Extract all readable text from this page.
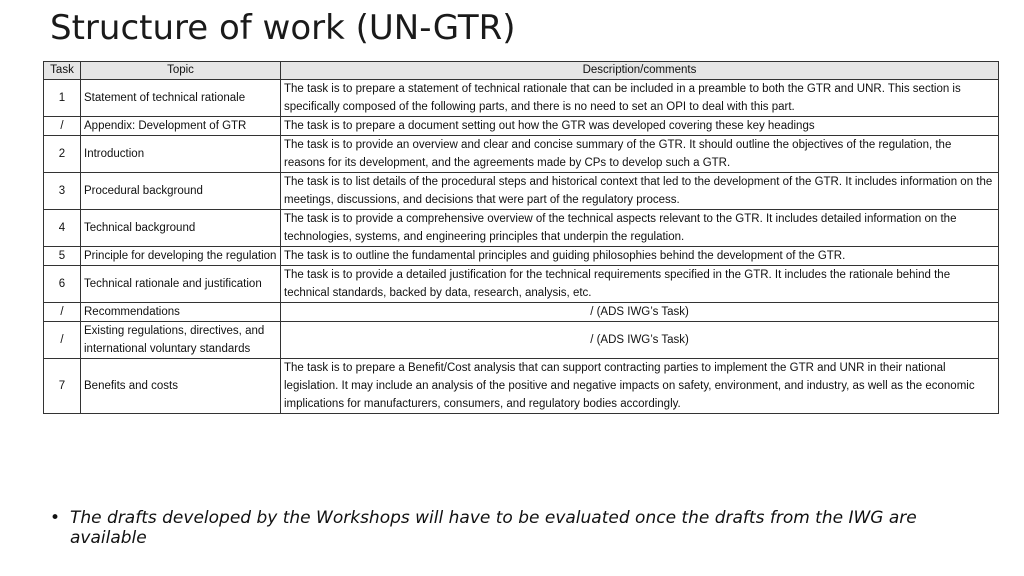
Structure of work (UN-GTR)
Task	Topic	Description/comments
1	Statement of technical rationale	The task is to prepare a statement of technical rationale that can be included in a preamble to both the GTR and UNR. This section is specifically composed of the following parts, and there is no need to set an OPI to deal with this part.
/	Appendix: Development of GTR	The task is to prepare a document setting out how the GTR was developed covering these key headings
2	Introduction	The task is to provide an overview and clear and concise summary of the GTR. It should outline the objectives of the regulation, the reasons for its development, and the agreements made by CPs to develop such a GTR.
3	Procedural background	The task is to list details of the procedural steps and historical context that led to the development of the GTR. It includes information on the meetings, discussions, and decisions that were part of the regulatory process.
4	Technical background	The task is to provide a comprehensive overview of the technical aspects relevant to the GTR. It includes detailed information on the technologies, systems, and engineering principles that underpin the regulation.
5	Principle for developing the regulation	The task is to outline the fundamental principles and guiding philosophies behind the development of the GTR.
6	Technical rationale and justification	The task is to provide a detailed justification for the technical requirements specified in the GTR. It includes the rationale behind the technical standards, backed by data, research, analysis, etc.
/	Recommendations	/ (ADS IWG’s Task)
/	Existing regulations, directives, and international voluntary standards	/ (ADS IWG’s Task)
7	Benefits and costs	The task is to prepare a Benefit/Cost analysis that can support contracting parties to implement the GTR and UNR in their national legislation. It may include an analysis of the positive and negative impacts on safety, environment, and industry, as well as the economic implications for manufacturers, consumers, and regulatory bodies accordingly.
• The drafts developed by the Workshops will have to be evaluated once the drafts from the IWG are available
